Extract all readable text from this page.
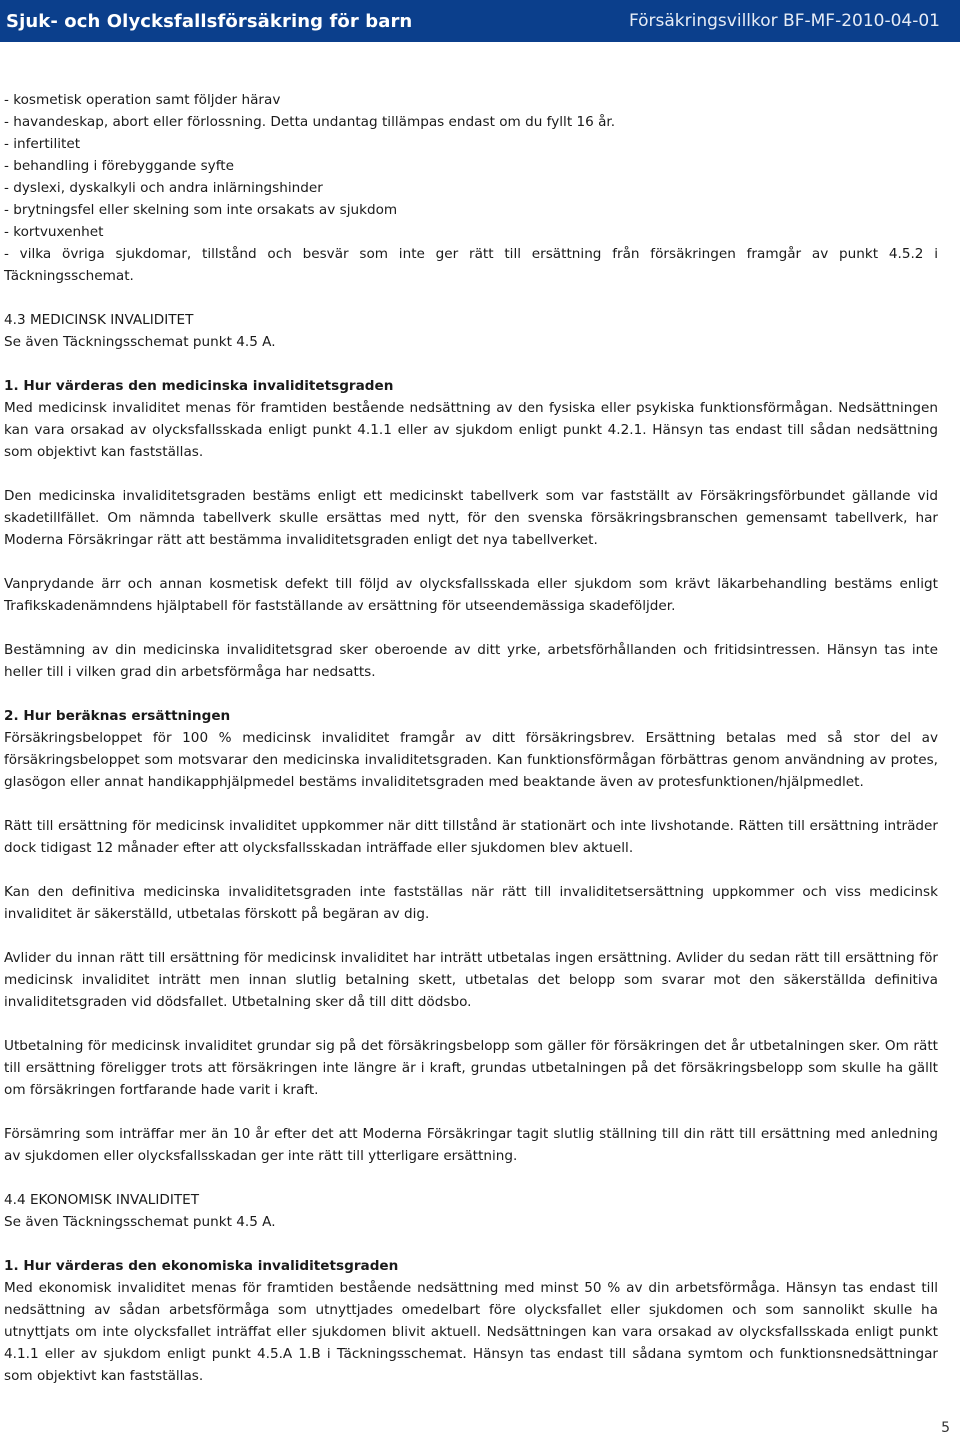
Sjuk- och Olycksfallsförsäkring för barn	Försäkringsvillkor BF-MF-2010-04-01
- kosmetisk operation samt följder härav
- havandeskap, abort eller förlossning. Detta undantag tillämpas endast om du fyllt 16 år.
- infertilitet
- behandling i förebyggande syfte
- dyslexi, dyskalkyli och andra inlärningshinder
- brytningsfel eller skelning som inte orsakats av sjukdom
- kortvuxenhet

- vilka övriga sjukdomar, tillstånd och besvär som inte ger rätt till ersättning från försäkringen framgår av punkt 4.5.2 i Täckningsschemat.

4.3 MEDICINSK INVALIDITET
Se även Täckningsschemat punkt 4.5 A.
1. Hur värderas den medicinska invaliditetsgraden

Med medicinsk invaliditet menas för framtiden bestående nedsättning av den fysiska eller psykiska funktionsförmågan. Nedsättningen kan vara orsakad av olycksfallsskada enligt punkt 4.1.1 eller av sjukdom enligt punkt 4.2.1. Hänsyn tas endast till sådan nedsättning som objektivt kan fastställas.

Den medicinska invaliditetsgraden bestäms enligt ett medicinskt tabellverk som var fastställt av Försäkringsförbundet gällande vid skadetillfället. Om nämnda tabellverk skulle ersättas med nytt, för den svenska försäkringsbranschen gemensamt tabellverk, har Moderna Försäkringar rätt att bestämma invaliditetsgraden enligt det nya tabellverket.

Vanprydande ärr och annan kosmetisk defekt till följd av olycksfallsskada eller sjukdom som krävt läkarbehandling bestäms enligt Trafikskadenämndens hjälptabell för fastställande av ersättning för utseendemässiga skadeföljder.

Bestämning av din medicinska invaliditetsgrad sker oberoende av ditt yrke, arbetsförhållanden och fritidsintressen. Hänsyn tas inte heller till i vilken grad din arbetsförmåga har nedsatts.

2. Hur beräknas ersättningen

Försäkringsbeloppet för 100 % medicinsk invaliditet framgår av ditt försäkringsbrev. Ersättning betalas med så stor del av försäkringsbeloppet som motsvarar den medicinska invaliditetsgraden. Kan funktionsförmågan förbättras genom användning av protes, glasögon eller annat handikapphjälpmedel bestäms invaliditetsgraden med beaktande även av protesfunktionen/hjälpmedlet.

Rätt till ersättning för medicinsk invaliditet uppkommer när ditt tillstånd är stationärt och inte livshotande. Rätten till ersättning inträder dock tidigast 12 månader efter att olycksfallsskadan inträffade eller sjukdomen blev aktuell.

Kan den definitiva medicinska invaliditetsgraden inte fastställas när rätt till invaliditetsersättning uppkommer och viss medicinsk invaliditet är säkerställd, utbetalas förskott på begäran av dig.

Avlider du innan rätt till ersättning för medicinsk invaliditet har inträtt utbetalas ingen ersättning. Avlider du sedan rätt till ersättning för medicinsk invaliditet inträtt men innan slutlig betalning skett, utbetalas det belopp som svarar mot den säkerställda definitiva invaliditetsgraden vid dödsfallet. Utbetalning sker då till ditt dödsbo.

Utbetalning för medicinsk invaliditet grundar sig på det försäkringsbelopp som gäller för försäkringen det år utbetalningen sker. Om rätt till ersättning föreligger trots att försäkringen inte längre är i kraft, grundas utbetalningen på det försäkringsbelopp som skulle ha gällt om försäkringen fortfarande hade varit i kraft.

Försämring som inträffar mer än 10 år efter det att Moderna Försäkringar tagit slutlig ställning till din rätt till ersättning med anledning av sjukdomen eller olycksfallsskadan ger inte rätt till ytterligare ersättning.

4.4 EKONOMISK INVALIDITET
Se även Täckningsschemat punkt 4.5 A.
1. Hur värderas den ekonomiska invaliditetsgraden

Med ekonomisk invaliditet menas för framtiden bestående nedsättning med minst 50 % av din arbetsförmåga. Hänsyn tas endast till nedsättning av sådan arbetsförmåga som utnyttjades omedelbart före olycksfallet eller sjukdomen och som sannolikt skulle ha utnyttjats om inte olycksfallet inträffat eller sjukdomen blivit aktuell. Nedsättningen kan vara orsakad av olycksfallsskada enligt punkt 4.1.1 eller av sjukdom enligt punkt 4.5.A 1.B i Täckningsschemat. Hänsyn tas endast till sådana symtom och funktionsnedsättningar som objektivt kan fastställas.

5
